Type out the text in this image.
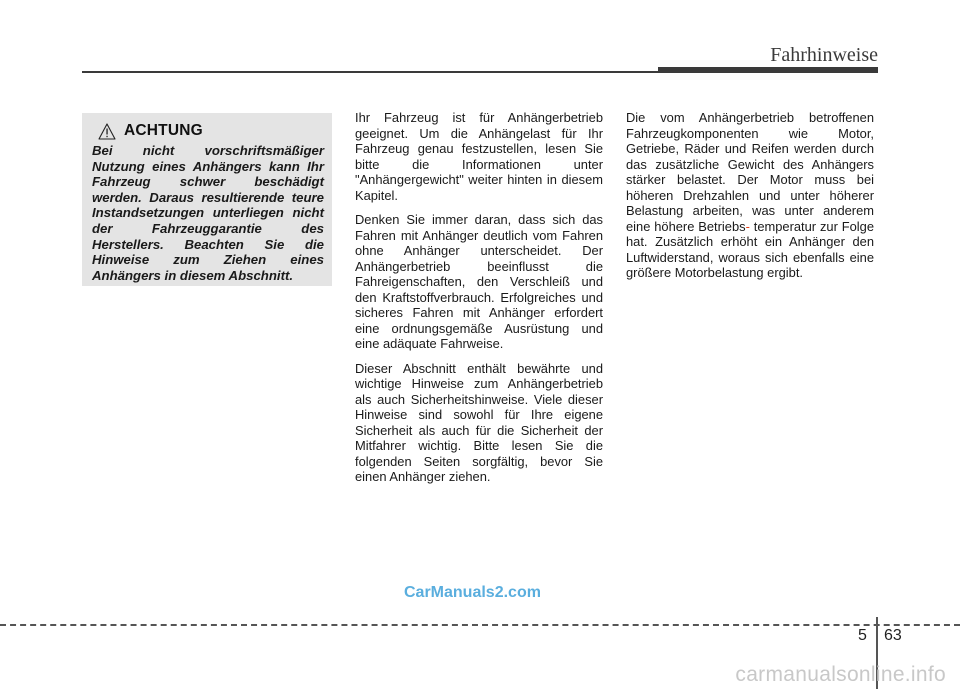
Fahrhinweise
ACHTUNG

Bei nicht vorschriftsmäßiger Nutzung eines Anhängers kann Ihr Fahrzeug schwer beschädigt werden. Daraus resultierende teure Instandsetzungen unterliegen nicht der Fahrzeuggarantie des Herstellers. Beachten Sie die Hinweise zum Ziehen eines Anhängers in diesem Abschnitt.

Ihr Fahrzeug ist für Anhängerbetrieb geeignet. Um die Anhängelast für Ihr Fahrzeug genau festzustellen, lesen Sie bitte die Informationen unter "Anhängergewicht" weiter hinten in diesem Kapitel.

Denken Sie immer daran, dass sich das Fahren mit Anhänger deutlich vom Fahren ohne Anhänger unterscheidet. Der Anhängerbetrieb beeinflusst die Fahreigenschaften, den Verschleiß und den Kraftstoffverbrauch. Erfolgreiches und sicheres Fahren mit Anhänger erfordert eine ordnungsgemäße Ausrüstung und eine adäquate Fahrweise.

Dieser Abschnitt enthält bewährte und wichtige Hinweise zum Anhängerbetrieb als auch Sicherheitshinweise. Viele dieser Hinweise sind sowohl für Ihre eigene Sicherheit als auch für die Sicherheit der Mitfahrer wichtig. Bitte lesen Sie die folgenden Seiten sorgfältig, bevor Sie einen Anhänger ziehen.

Die vom Anhängerbetrieb betroffenen Fahrzeugkomponenten wie Motor, Getriebe, Räder und Reifen werden durch das zusätzliche Gewicht des Anhängers stärker belastet. Der Motor muss bei höheren Drehzahlen und unter höherer Belastung arbeiten, was unter anderem eine höhere Betriebs- temperatur zur Folge hat. Zusätzlich erhöht ein Anhänger den Luftwiderstand, woraus sich ebenfalls eine größere Motorbelastung ergibt.

CarManuals2.com
5 63
carmanualsonline.info
